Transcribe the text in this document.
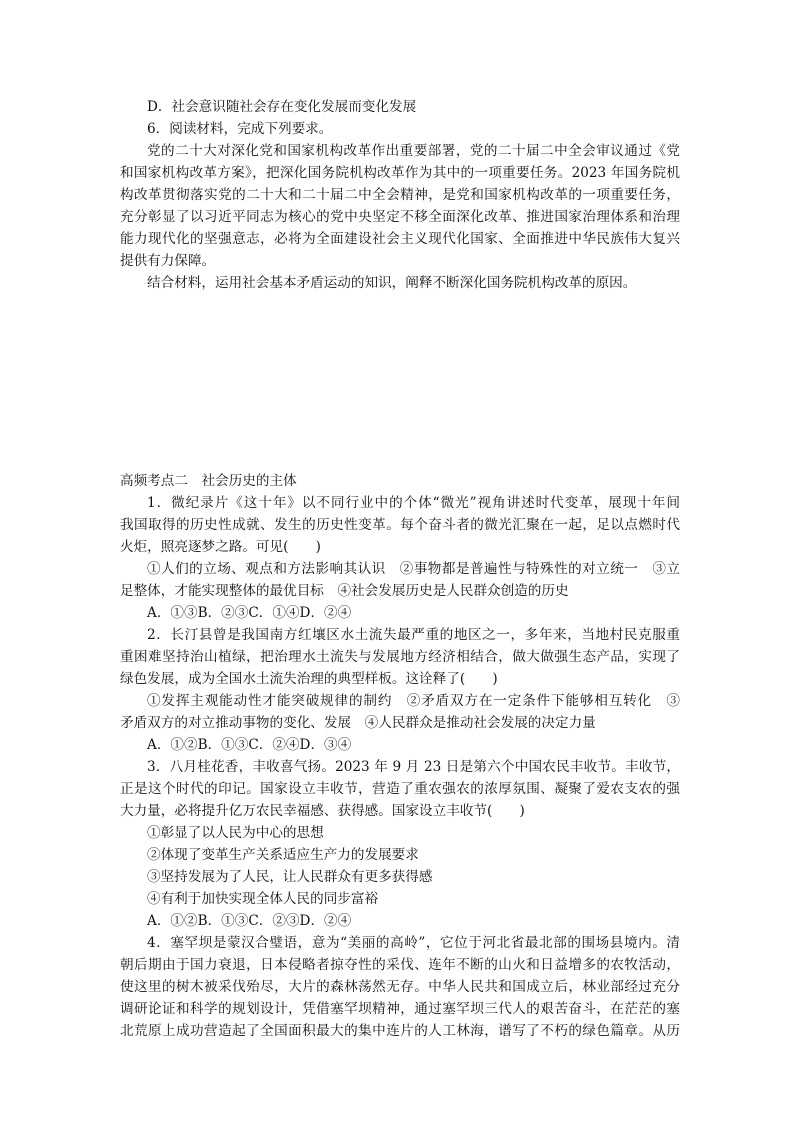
D．社会意识随社会存在变化发展而变化发展
6．阅读材料，完成下列要求。
党的二十大对深化党和国家机构改革作出重要部署，党的二十届二中全会审议通过《党
和国家机构改革方案》，把深化国务院机构改革作为其中的一项重要任务。2023 年国务院机
构改革贯彻落实党的二十大和二十届二中全会精神，是党和国家机构改革的一项重要任务，
充分彰显了以习近平同志为核心的党中央坚定不移全面深化改革、推进国家治理体系和治理
能力现代化的坚强意志，必将为全面建设社会主义现代化国家、全面推进中华民族伟大复兴
提供有力保障。
结合材料，运用社会基本矛盾运动的知识，阐释不断深化国务院机构改革的原因。
高频考点二　社会历史的主体
1．微纪录片《这十年》以不同行业中的个体“微光”视角讲述时代变革，展现十年间
我国取得的历史性成就、发生的历史性变革。每个奋斗者的微光汇聚在一起，足以点燃时代
火炬，照亮逐梦之路。可见(　　)
①人们的立场、观点和方法影响其认识　②事物都是普遍性与特殊性的对立统一　③立
足整体，才能实现整体的最优目标　④社会发展历史是人民群众创造的历史
A．①③B．②③C．①④D．②④
2．长汀县曾是我国南方红壤区水土流失最严重的地区之一，多年来，当地村民克服重
重困难坚持治山植绿，把治理水土流失与发展地方经济相结合，做大做强生态产品，实现了
绿色发展，成为全国水土流失治理的典型样板。这诠释了(　　)
①发挥主观能动性才能突破规律的制约　②矛盾双方在一定条件下能够相互转化　③
矛盾双方的对立推动事物的变化、发展　④人民群众是推动社会发展的决定力量
A．①②B．①③C．②④D．③④
3．八月桂花香，丰收喜气扬。2023 年 9 月 23 日是第六个中国农民丰收节。丰收节，
正是这个时代的印记。国家设立丰收节，营造了重农强农的浓厚氛围、凝聚了爱农支农的强
大力量，必将提升亿万农民幸福感、获得感。国家设立丰收节(　　)
①彰显了以人民为中心的思想
②体现了变革生产关系适应生产力的发展要求
③坚持发展为了人民，让人民群众有更多获得感
④有利于加快实现全体人民的同步富裕
A．①②B．①③C．②③D．②④
4．塞罕坝是蒙汉合璧语，意为“美丽的高岭”，它位于河北省最北部的围场县境内。清
朝后期由于国力衰退，日本侵略者掠夺性的采伐、连年不断的山火和日益增多的农牧活动，
使这里的树木被采伐殆尽，大片的森林荡然无存。中华人民共和国成立后，林业部经过充分
调研论证和科学的规划设计，凭借塞罕坝精神，通过塞罕坝三代人的艰苦奋斗，在茫茫的塞
北荒原上成功营造起了全国面积最大的集中连片的人工林海，谱写了不朽的绿色篇章。从历
